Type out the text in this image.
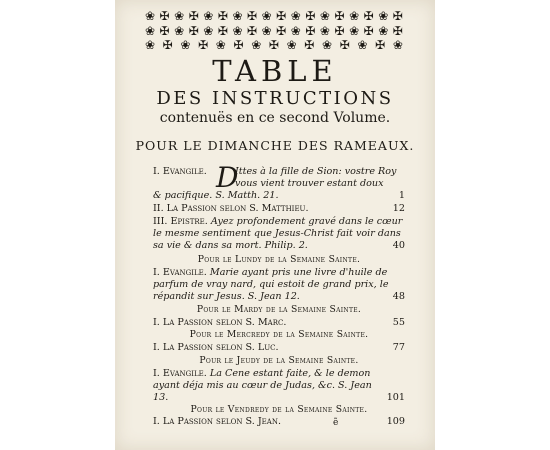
❀ ✠ ❀ ✠ ❀ ✠ ❀ ✠ ❀ ✠ ❀ ✠ ❀ ✠ ❀ ✠ ❀ ✠
❀ ✠ ❀ ✠ ❀ ✠ ❀ ✠ ❀ ✠ ❀ ✠ ❀ ✠ ❀ ✠ ❀ ✠
❀ ✠ ❀ ✠ ❀ ✠ ❀ ✠ ❀ ✠ ❀ ✠ ❀ ✠ ❀
TABLE
DES INSTRUCTIONS
contenuës en ce second Volume.
POUR LE DIMANCHE DES RAMEAUX.
D
I. Evangile.	Ittes à la fille de Sion: vostre Roy
vous vient trouver estant doux
& pacifique. S. Matth. 21.	1
II. La Passion selon S. Matthieu.	12
III. Epistre. Ayez profondement gravé dans le cœur
le mesme sentiment que Jesus-Christ fait voir dans
sa vie & dans sa mort. Philip. 2.	40
Pour le Lundy de la Semaine Sainte.
I. Evangile. Marie ayant pris une livre d'huile de
parfum de vray nard, qui estoit de grand prix, le
répandit sur Jesus. S. Jean 12.	48
Pour le Mardy de la Semaine Sainte.
I. La Passion selon S. Marc.	55
Pour le Mercredy de la Semaine Sainte.
I. La Passion selon S. Luc.	77
Pour le Jeudy de la Semaine Sainte.
I. Evangile. La Cene estant faite, & le demon
ayant déja mis au cœur de Judas, &c. S. Jean
13.	101
Pour le Vendredy de la Semaine Sainte.
I. La Passion selon S. Jean.	109
ẽ
